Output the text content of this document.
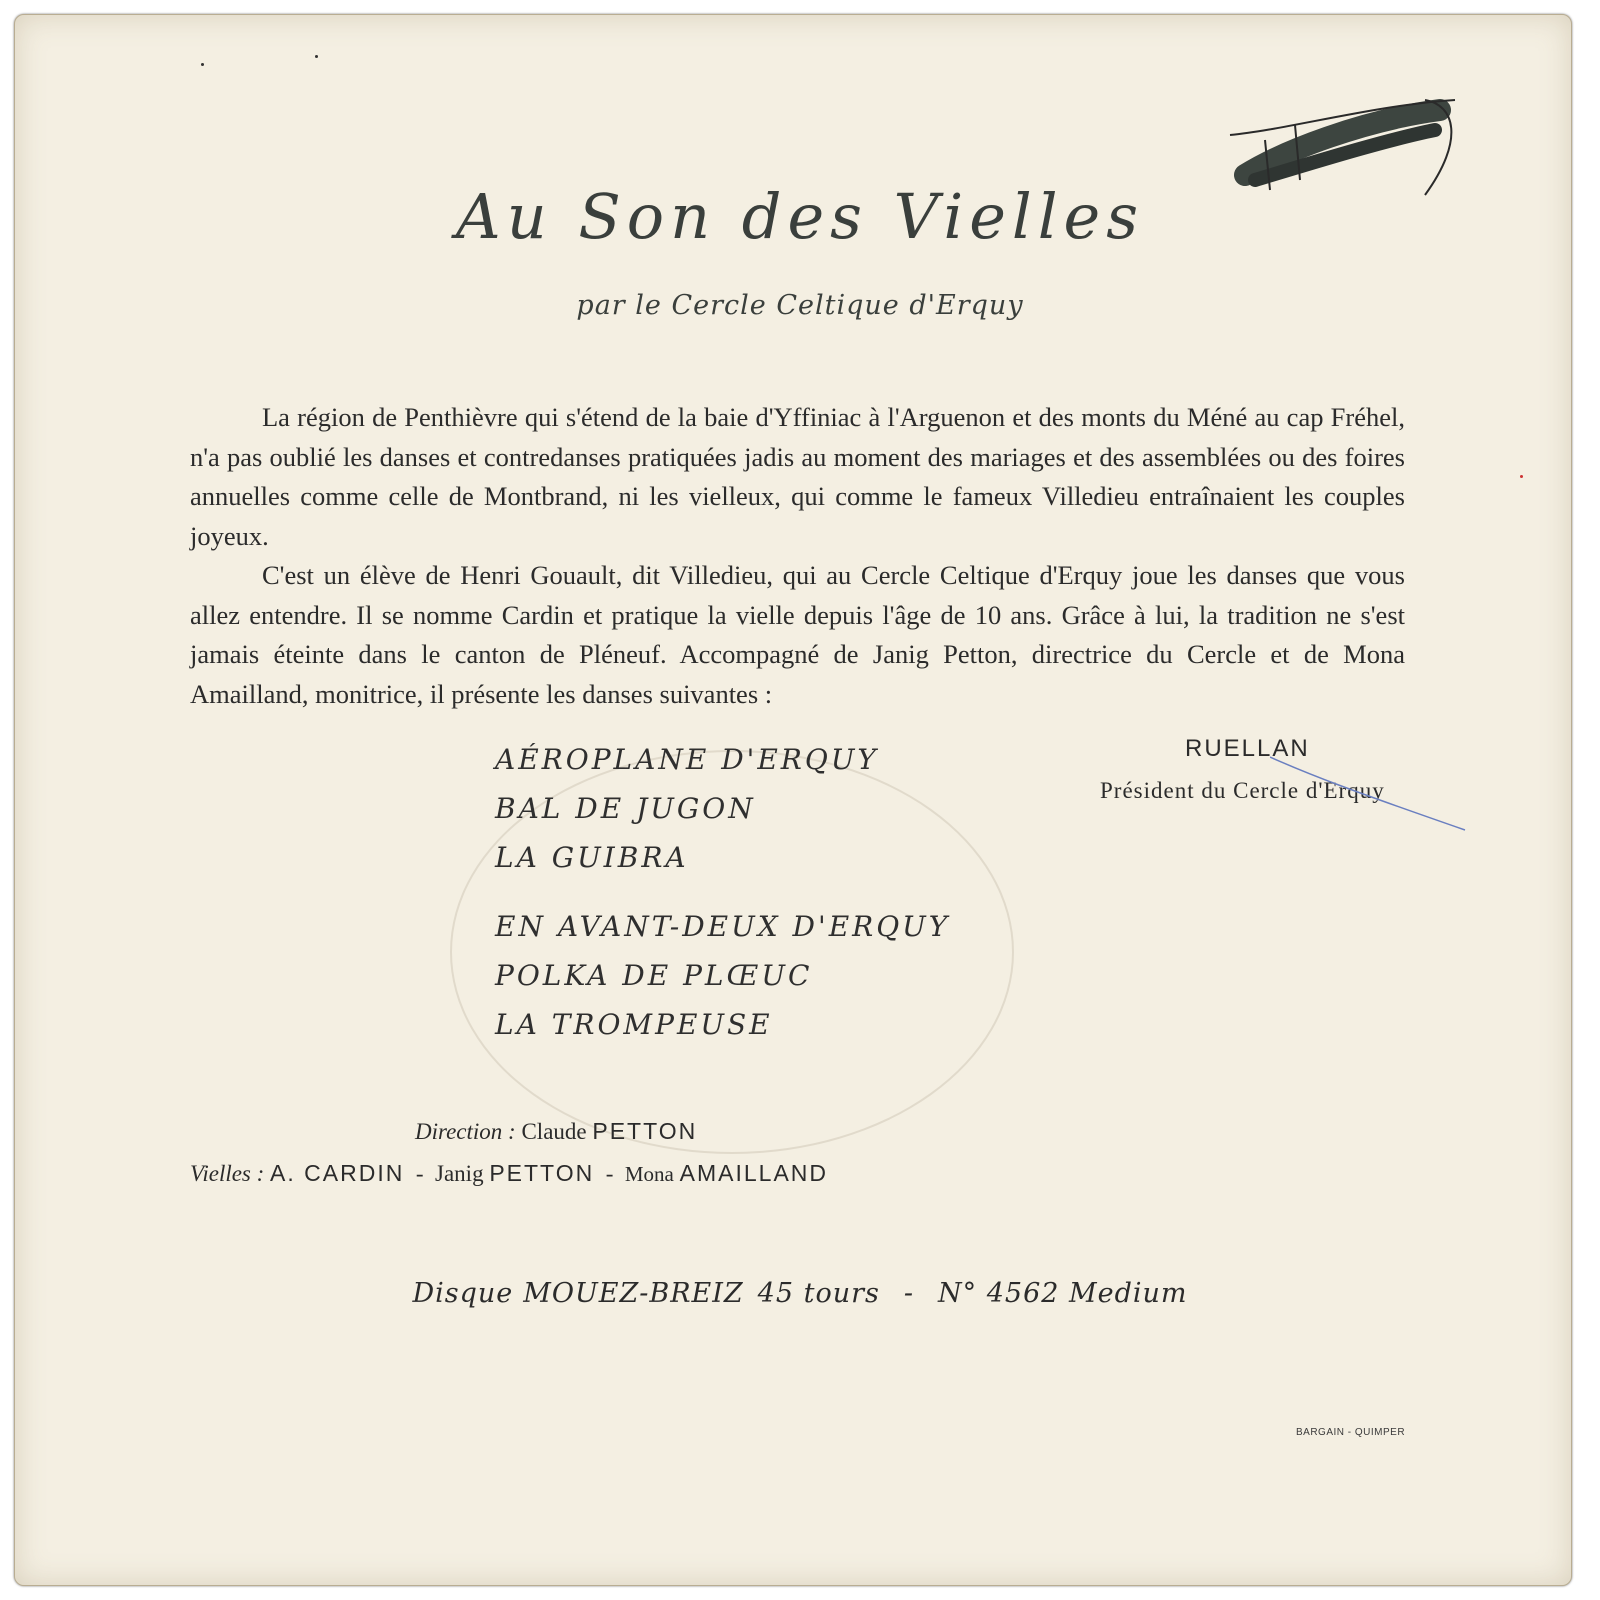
Au Son des Vielles
par le Cercle Celtique d'Erquy

La région de Penthièvre qui s'étend de la baie d'Yffiniac à l'Arguenon et des monts du Méné au cap Fréhel, n'a pas oublié les danses et contredanses pratiquées jadis au moment des mariages et des assemblées ou des foires annuelles comme celle de Montbrand, ni les vielleux, qui comme le fameux Villedieu entraînaient les couples joyeux.

C'est un élève de Henri Gouault, dit Villedieu, qui au Cercle Celtique d'Erquy joue les danses que vous allez entendre. Il se nomme Cardin et pratique la vielle depuis l'âge de 10 ans. Grâce à lui, la tradition ne s'est jamais éteinte dans le canton de Pléneuf. Accompagné de Janig Petton, directrice du Cercle et de Mona Amailland, monitrice, il présente les danses suivantes :

AÉROPLANE D'ERQUY
BAL DE JUGON
LA GUIBRA
EN AVANT-DEUX D'ERQUY
POLKA DE PLŒUC
LA TROMPEUSE
RUELLAN
Président du Cercle d'Erquy
Direction : Claude PETTON
Vielles : A. CARDIN - Janig PETTON - Mona AMAILLAND
Disque MOUEZ-BREIZ 45 tours - N° 4562 Medium
BARGAIN - QUIMPER
